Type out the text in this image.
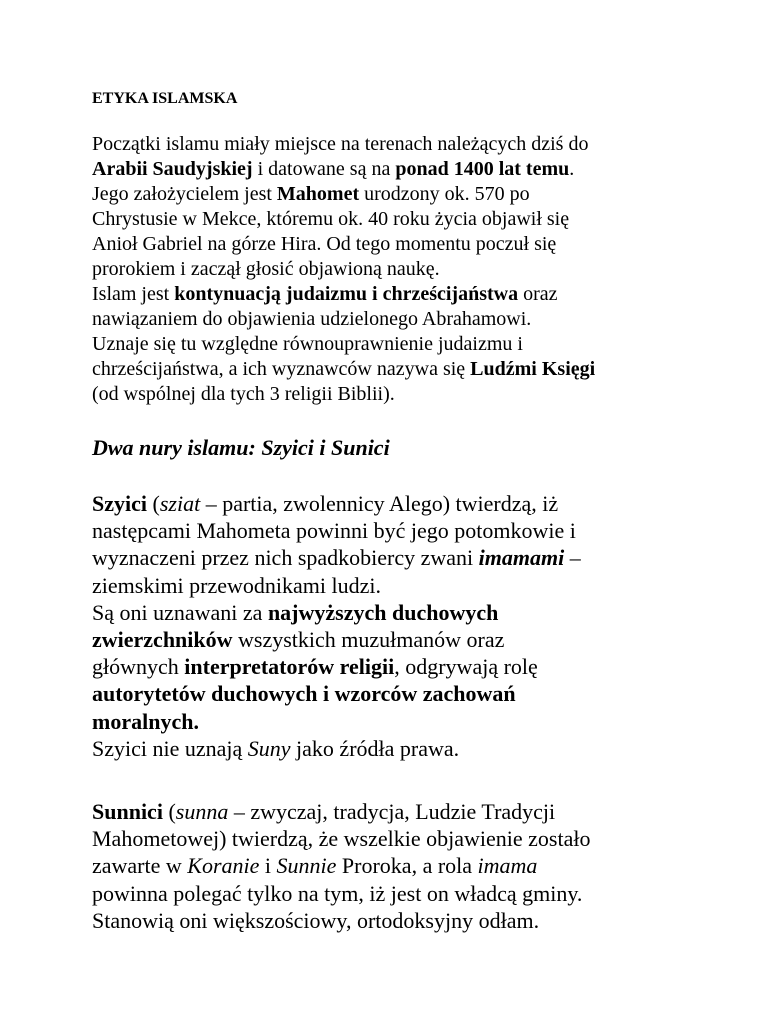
ETYKA ISLAMSKA
Początki islamu miały miejsce na terenach należących dziś do
Arabii Saudyjskiej i datowane są na ponad 1400 lat temu.
Jego założycielem jest Mahomet urodzony ok. 570 po
Chrystusie w Mekce, któremu ok. 40 roku życia objawił się
Anioł Gabriel na górze Hira. Od tego momentu poczuł się
prorokiem i zaczął głosić objawioną naukę.
Islam jest kontynuacją judaizmu i chrześcijaństwa oraz
nawiązaniem do objawienia udzielonego Abrahamowi.
Uznaje się tu względne równouprawnienie judaizmu i
chrześcijaństwa, a ich wyznawców nazywa się Ludźmi Księgi
(od wspólnej dla tych 3 religii Biblii).
Dwa nury islamu: Szyici i Sunici
Szyici (sziat – partia, zwolennicy Alego) twierdzą, iż
następcami Mahometa powinni być jego potomkowie i
wyznaczeni przez nich spadkobiercy zwani imamami –
ziemskimi przewodnikami ludzi.
Są oni uznawani za najwyższych duchowych
zwierzchników wszystkich muzułmanów oraz
głównych interpretatorów religii, odgrywają rolę
autorytetów duchowych i wzorców zachowań
moralnych.
Szyici nie uznają Suny jako źródła prawa.
Sunnici (sunna – zwyczaj, tradycja, Ludzie Tradycji
Mahometowej) twierdzą, że wszelkie objawienie zostało
zawarte w Koranie i Sunnie Proroka, a rola imama
powinna polegać tylko na tym, iż jest on władcą gminy.
Stanowią oni większościowy, ortodoksyjny odłam.
